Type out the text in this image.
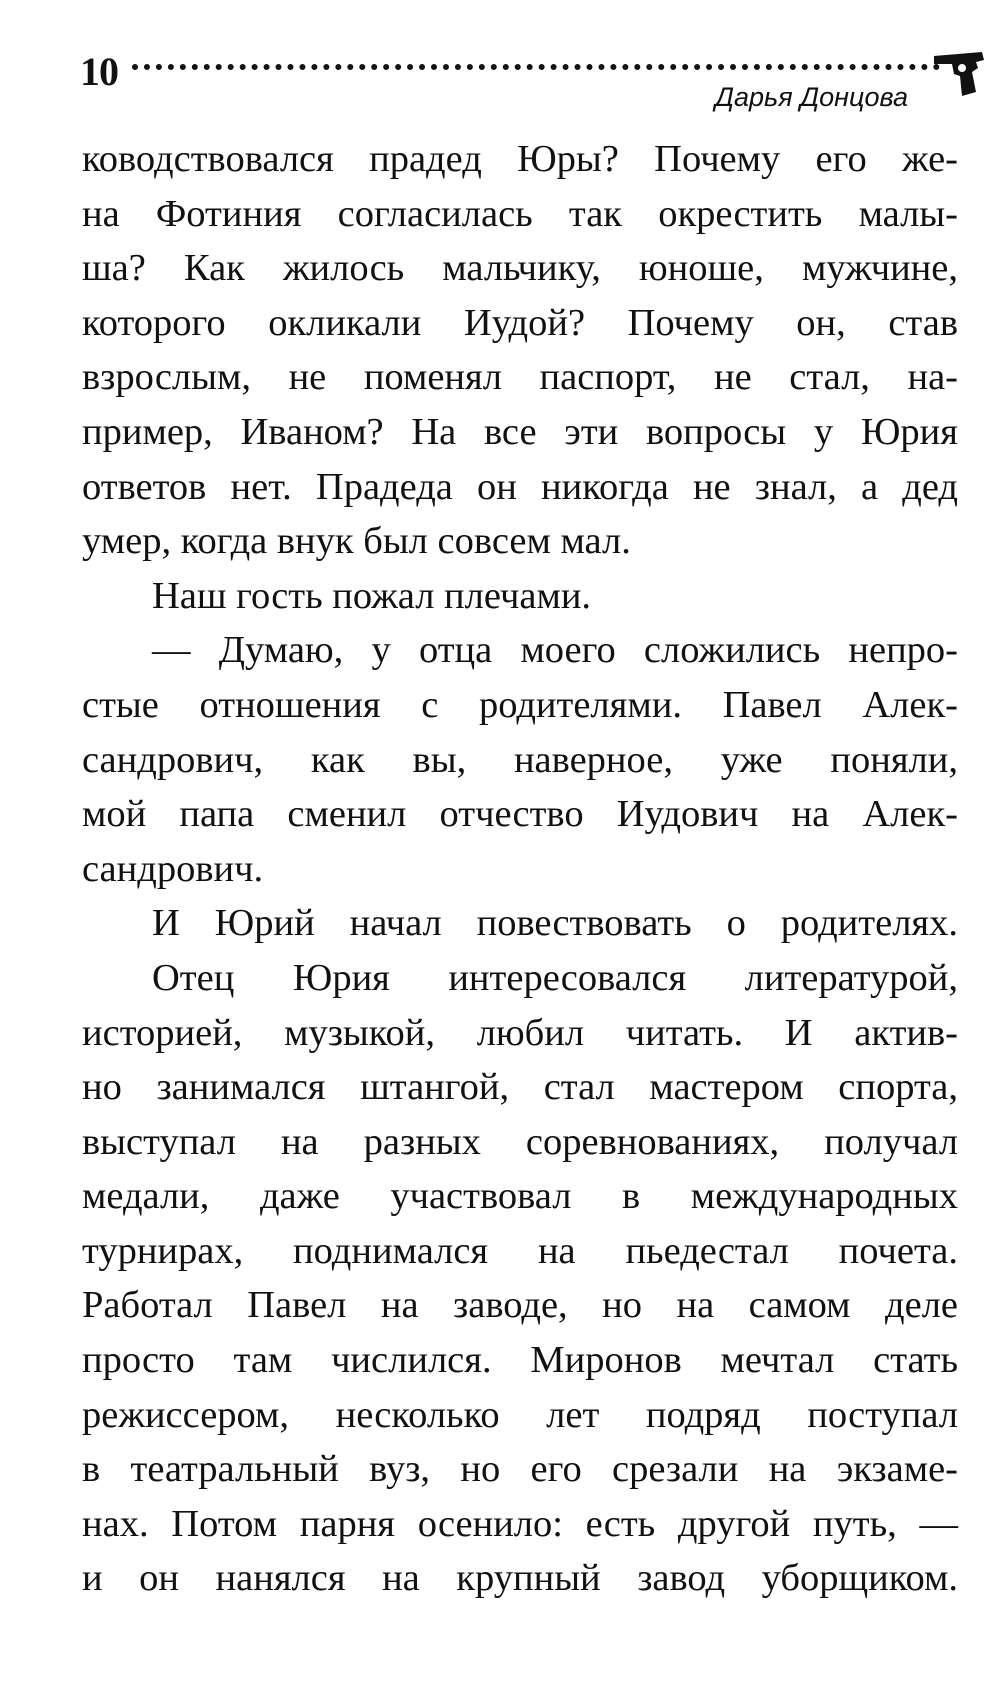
10
Дарья Донцова
ководствовался прадед Юры? Почему его же-
на Фотиния согласилась так окрестить малы-
ша? Как жилось мальчику, юноше, мужчине,
которого окликали Иудой? Почему он, став
взрослым, не поменял паспорт, не стал, на-
пример, Иваном? На все эти вопросы у Юрия
ответов нет. Прадеда он никогда не знал, а дед
умер, когда внук был совсем мал.
Наш гость пожал плечами.
— Думаю, у отца моего сложились непро-
стые отношения с родителями. Павел Алек-
сандрович, как вы, наверное, уже поняли,
мой папа сменил отчество Иудович на Алек-
сандрович.
И Юрий начал повествовать о родителях.
Отец Юрия интересовался литературой,
историей, музыкой, любил читать. И актив-
но занимался штангой, стал мастером спорта,
выступал на разных соревнованиях, получал
медали, даже участвовал в международных
турнирах, поднимался на пьедестал почета.
Работал Павел на заводе, но на самом деле
просто там числился. Миронов мечтал стать
режиссером, несколько лет подряд поступал
в театральный вуз, но его срезали на экзаме-
нах. Потом парня осенило: есть другой путь, —
и он нанялся на крупный завод уборщиком.
